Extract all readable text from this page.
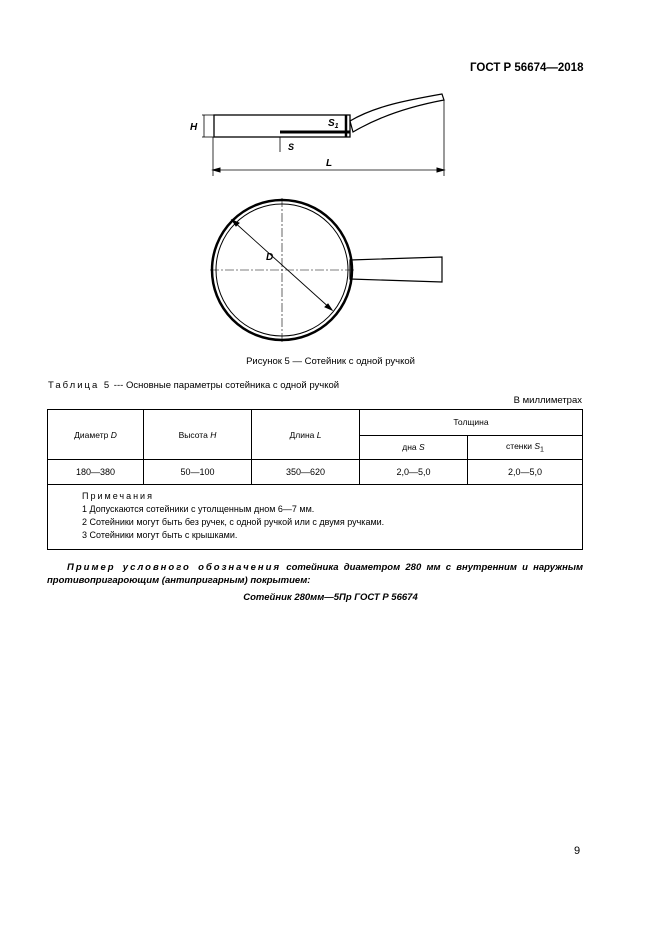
ГОСТ Р 56674—2018
H	$S_1$
S
L
D
Рисунок 5 — Сотейник с одной ручкой
Таблица 5 --- Основные параметры сотейника с одной ручкой
В миллиметрах
Диаметр D	Высота H	Длина L	Толщина	
			дна S	стенки $S_1$
180—380	50—100	350—620	2,0—5,0	2,0—5,0

Примечания
1 Допускаются сотейники с утолщенным дном 6—7 мм.
2 Сотейники могут быть без ручек, с одной ручкой или с двумя ручками.
3 Сотейники могут быть с крышками.				
Пример условного обозначения сотейника диаметром 280 мм с внутренним и наружным противопригароющим (антипригарным) покрытием:
Сотейник 280мм—5Пр ГОСТ Р 56674
9
